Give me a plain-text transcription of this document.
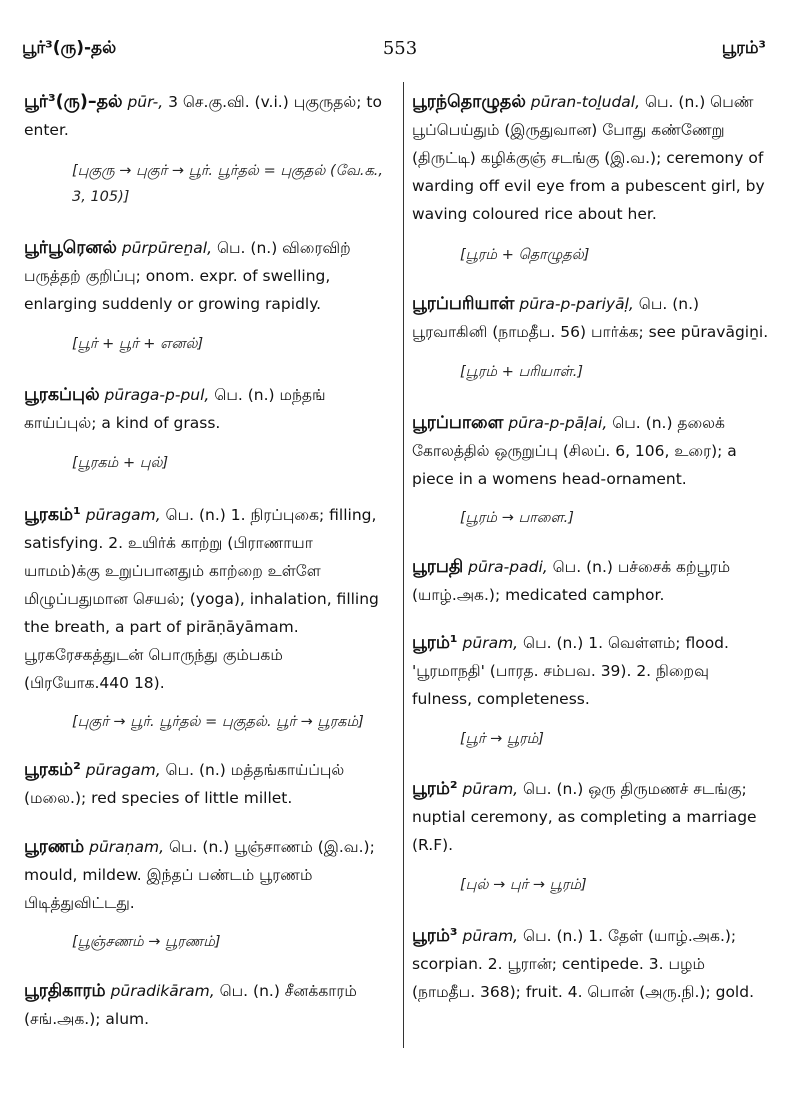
பூர்³(ரு)-தல்	553	பூரம்³

பூர்³(ரு)–தல் pūr-, 3 செ.கு.வி. (v.i.) புகுருதல்; to enter.

[புகுரு → புகுர் → பூர். பூர்தல் = புகுதல் (வே.க., 3, 105)]

பூர்பூரெனல் pūrpūreṉal, பெ. (n.) விரைவிற் பருத்தற் குறிப்பு; onom. expr. of swelling, enlarging suddenly or growing rapidly.

[பூர் + பூர் + எனல்]

பூரகப்புல் pūraga-p-pul, பெ. (n.) மந்தங் காய்ப்புல்; a kind of grass.

[பூரகம் + புல்]

பூரகம்¹ pūragam, பெ. (n.) 1. நிரப்புகை; filling, satisfying. 2. உயிர்க் காற்று (பிராணாயா யாமம்)க்கு உறுப்பானதும் காற்றை உள்ளே மிழுப்பதுமான செயல்; (yoga), inhalation, filling the breath, a part of pirāṇāyāmam. பூரகரேசகத்துடன் பொருந்து கும்பகம் (பிரயோக.440 18).

[புகுர் → பூர். பூர்தல் = புகுதல். பூர் → பூரகம்]

பூரகம்² pūragam, பெ. (n.) மத்தங்காய்ப்புல் (மலை.); red species of little millet.

பூரணம் pūraṇam, பெ. (n.) பூஞ்சாணம் (இ.வ.); mould, mildew. இந்தப் பண்டம் பூரணம் பிடித்துவிட்டது.

[பூஞ்சணம் → பூரணம்]

பூரதிகாரம் pūradikāram, பெ. (n.) சீனக்காரம் (சங்.அக.); alum.

பூரந்தொழுதல் pūran-toḻudal, பெ. (n.) பெண் பூப்பெய்தும் (இருதுவான) போது கண்ணேறு (திருட்டி) கழிக்குஞ் சடங்கு (இ.வ.); ceremony of warding off evil eye from a pubescent girl, by waving coloured rice about her.

[பூரம் + தொழுதல்]

பூரப்பரியாள் pūra-p-pariyāḷ, பெ. (n.) பூரவாகினி (நாமதீப. 56) பார்க்க; see pūravāgiṉi.

[பூரம் + பரியாள்.]

பூரப்பாளை pūra-p-pāḷai, பெ. (n.) தலைக் கோலத்தில் ஒருறுப்பு (சிலப். 6, 106, உரை); a piece in a womens head-ornament.

[பூரம் → பாளை.]

பூரபதி pūra-padi, பெ. (n.) பச்சைக் கற்பூரம் (யாழ்.அக.); medicated camphor.

பூரம்¹ pūram, பெ. (n.) 1. வெள்ளம்; flood. 'பூரமாநதி' (பாரத. சம்பவ. 39). 2. நிறைவு fulness, completeness.

[பூர் → பூரம்]

பூரம்² pūram, பெ. (n.) ஒரு திருமணச் சடங்கு; nuptial ceremony, as completing a marriage (R.F).

[புல் → புர் → பூரம்]

பூரம்³ pūram, பெ. (n.) 1. தேள் (யாழ்.அக.); scorpian. 2. பூரான்; centipede. 3. பழம் (நாமதீப. 368); fruit. 4. பொன் (அரு.நி.); gold.
